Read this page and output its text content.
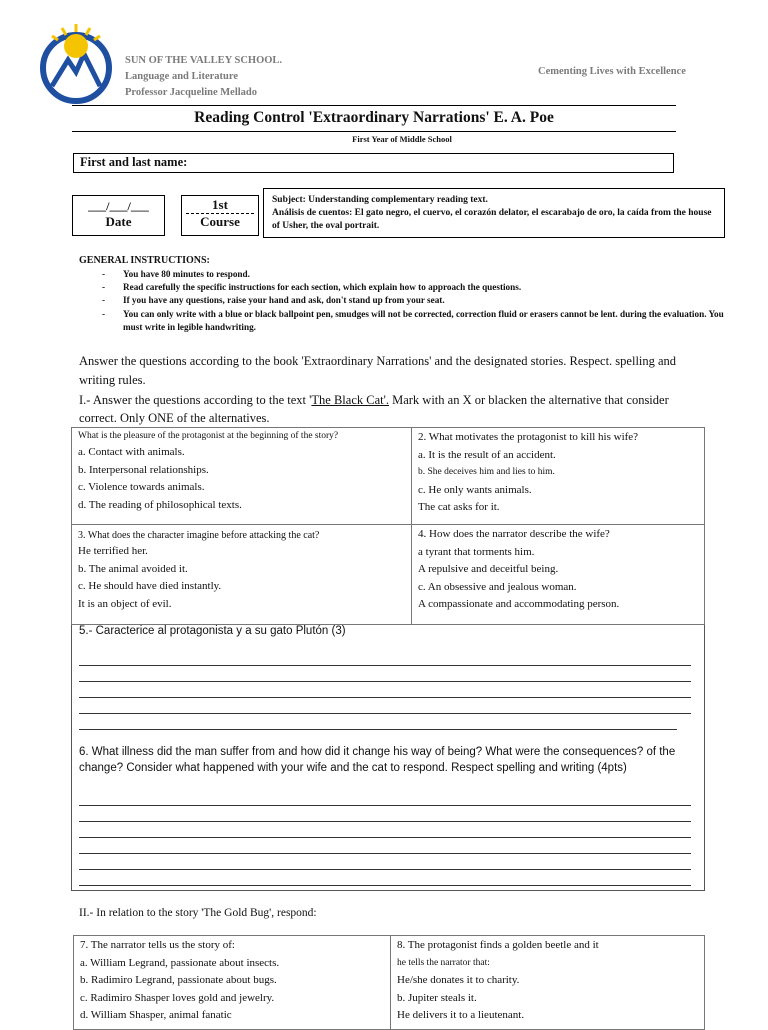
SUN OF THE VALLEY SCHOOL.
Language and Literature
Professor Jacqueline Mellado
Cementing Lives with Excellence
Reading Control 'Extraordinary Narrations' E. A. Poe
First Year of Middle School
First and last name:
___/___/___
Date
1st
Course
Subject: Understanding complementary reading text.
Análisis de cuentos: El gato negro, el cuervo, el corazón delator, el escarabajo de oro, la caída from the house of Usher, the oval portrait.
GENERAL INSTRUCTIONS:
- You have 80 minutes to respond.
- Read carefully the specific instructions for each section, which explain how to approach the questions.
- If you have any questions, raise your hand and ask, don't stand up from your seat.
- You can only write with a blue or black ballpoint pen, smudges will not be corrected, correction fluid or erasers cannot be lent. during the evaluation. You must write in legible handwriting.
Answer the questions according to the book 'Extraordinary Narrations' and the designated stories. Respect. spelling and writing rules.
I.- Answer the questions according to the text 'The Black Cat'. Mark with an X or blacken the alternative that consider correct. Only ONE of the alternatives.
What is the pleasure of the protagonist at the beginning of the story?
a. Contact with animals.
b. Interpersonal relationships.
c. Violence towards animals.
d. The reading of philosophical texts.
2. What motivates the protagonist to kill his wife?
a. It is the result of an accident.
b. She deceives him and lies to him.
c. He only wants animals.
The cat asks for it.
3. What does the character imagine before attacking the cat?
He terrified her.
b. The animal avoided it.
c. He should have died instantly.
It is an object of evil.
4. How does the narrator describe the wife?
a tyrant that torments him.
A repulsive and deceitful being.
c. An obsessive and jealous woman.
A compassionate and accommodating person.
5.- Caracterice al protagonista y a su gato Plutón (3)
6. What illness did the man suffer from and how did it change his way of being? What were the consequences? of the change? Consider what happened with your wife and the cat to respond. Respect spelling and writing (4pts)
II.- In relation to the story 'The Gold Bug', respond:
7. The narrator tells us the story of:
a. William Legrand, passionate about insects.
b. Radimiro Legrand, passionate about bugs.
c. Radimiro Shasper loves gold and jewelry.
d. William Shasper, animal fanatic
8. The protagonist finds a golden beetle and it
he tells the narrator that:
He/she donates it to charity.
b. Jupiter steals it.
He delivers it to a lieutenant.
